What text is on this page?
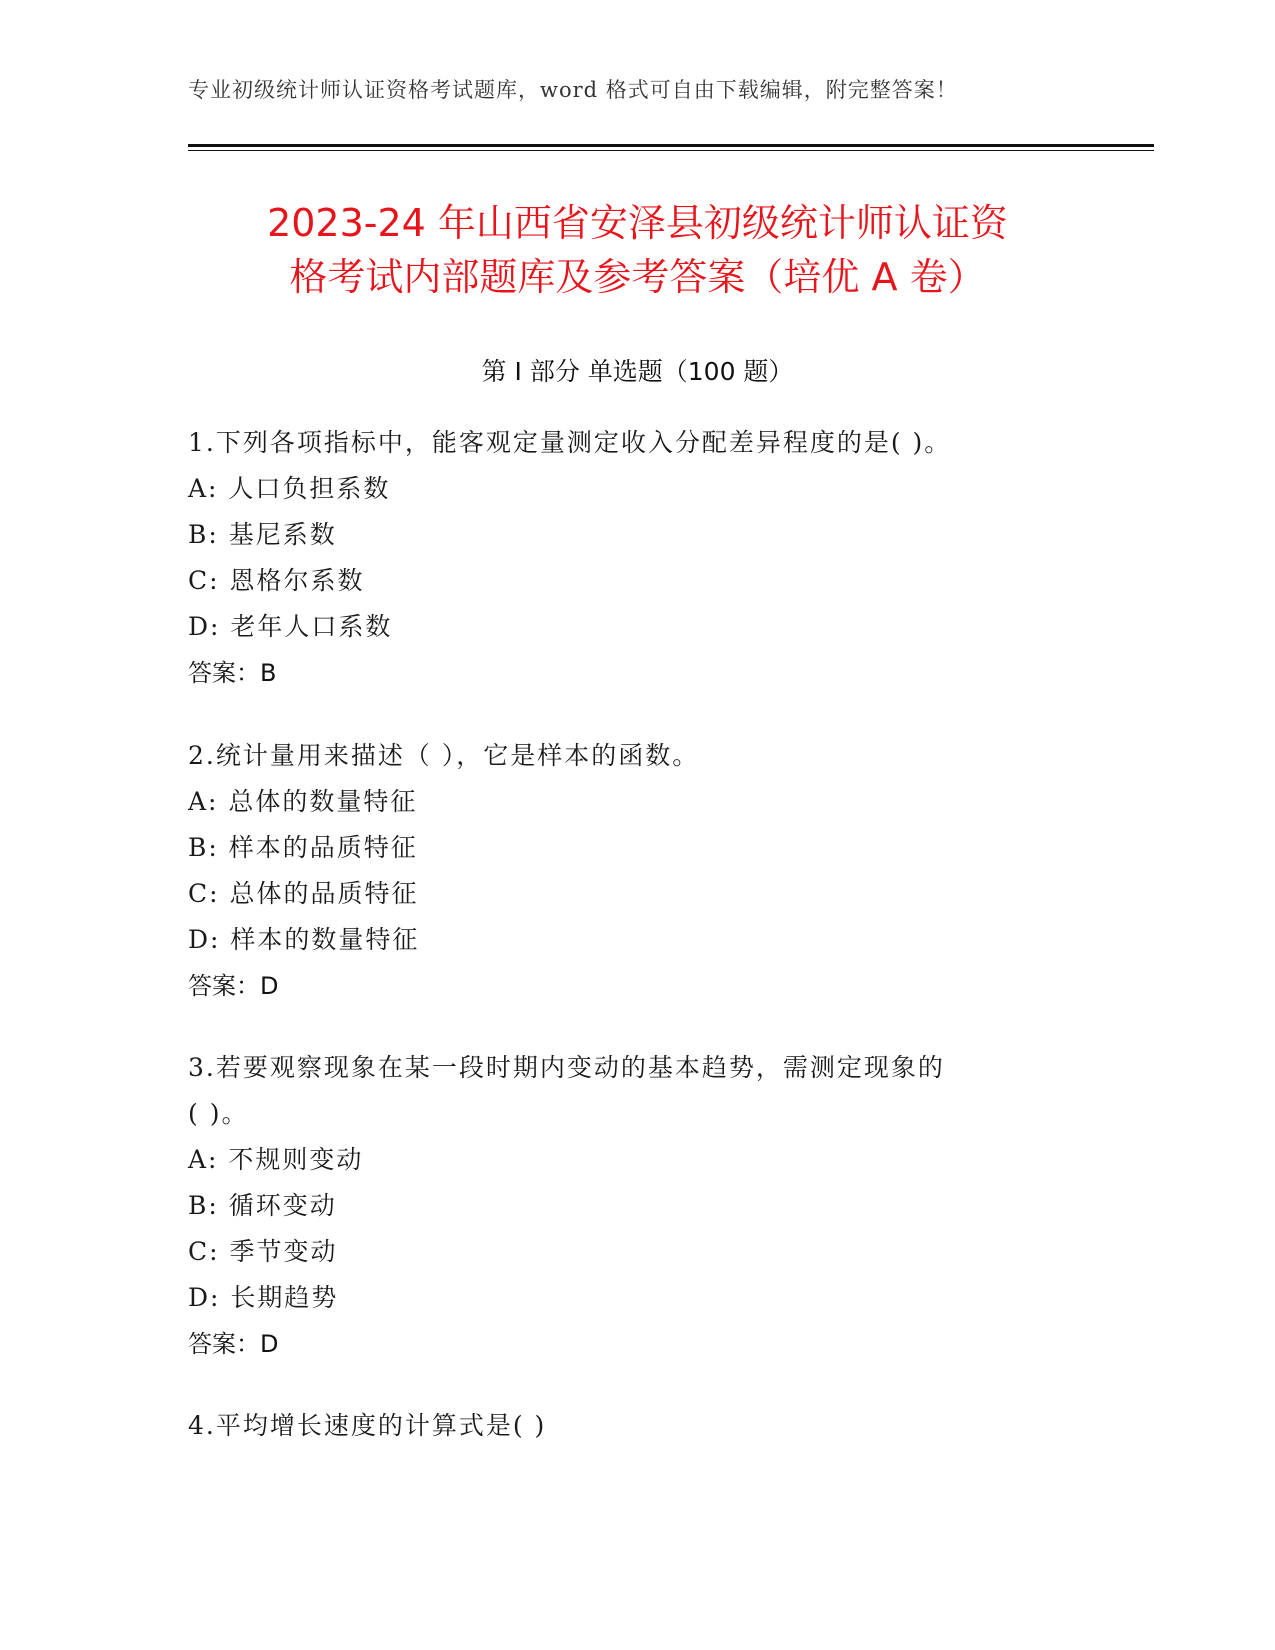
专业初级统计师认证资格考试题库，word 格式可自由下载编辑，附完整答案！
2023-24 年山西省安泽县初级统计师认证资
格考试内部题库及参考答案（培优 A 卷）
第 I 部分 单选题（100 题）
1.下列各项指标中，能客观定量测定收入分配差异程度的是( )。
A: 人口负担系数
B: 基尼系数
C: 恩格尔系数
D: 老年人口系数
答案：B
2.统计量用来描述（ ），它是样本的函数。
A: 总体的数量特征
B: 样本的品质特征
C: 总体的品质特征
D: 样本的数量特征
答案：D
3.若要观察现象在某一段时期内变动的基本趋势，需测定现象的
( )。
A: 不规则变动
B: 循环变动
C: 季节变动
D: 长期趋势
答案：D
4.平均增长速度的计算式是( )
